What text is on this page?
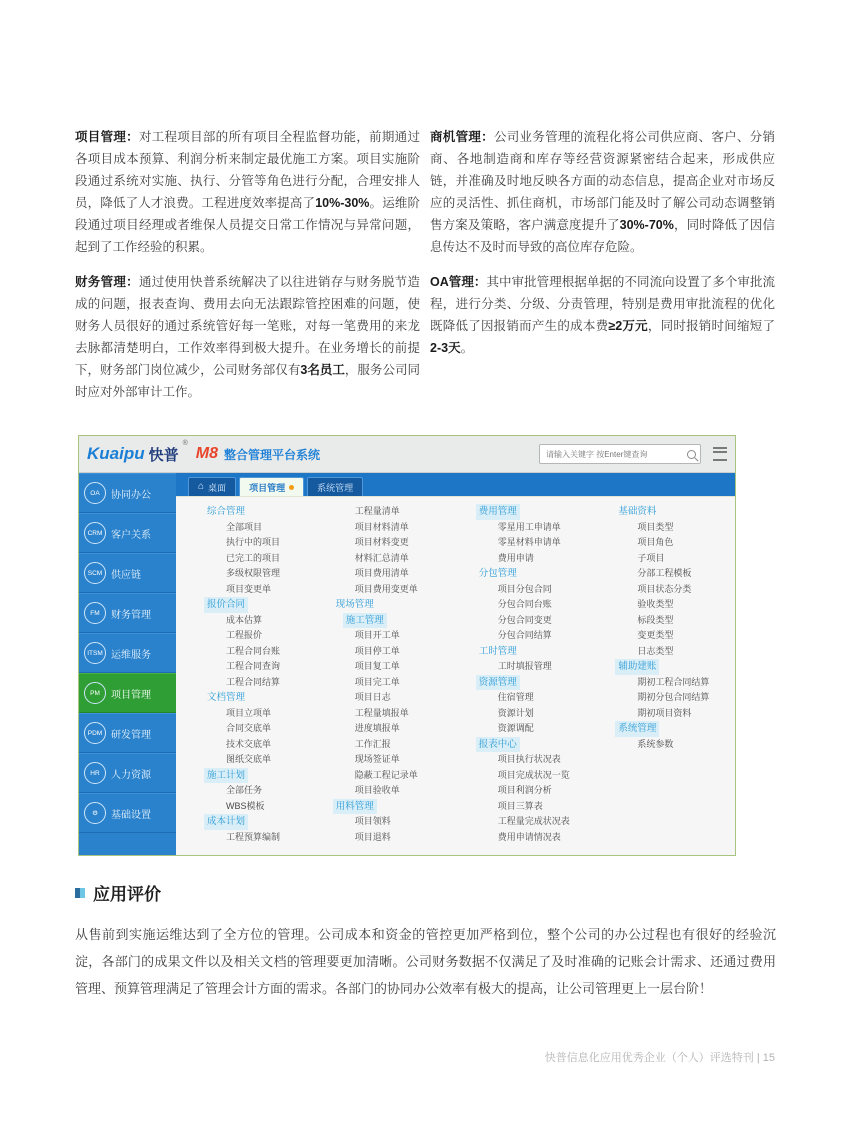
项目管理：对工程项目部的所有项目全程监督功能，前期通过各项目成本预算、利润分析来制定最优施工方案。项目实施阶段通过系统对实施、执行、分管等角色进行分配，合理安排人员，降低了人才浪费。工程进度效率提高了10%-30%。运维阶段通过项目经理或者维保人员提交日常工作情况与异常问题，起到了工作经验的积累。

财务管理：通过使用快普系统解决了以往进销存与财务脱节造成的问题，报表查询、费用去向无法跟踪管控困难的问题，使财务人员很好的通过系统管好每一笔账，对每一笔费用的来龙去脉都清楚明白，工作效率得到极大提升。在业务增长的前提下，财务部门岗位减少，公司财务部仅有3名员工，服务公司同时应对外部审计工作。

商机管理：公司业务管理的流程化将公司供应商、客户、分销商、各地制造商和库存等经营资源紧密结合起来，形成供应链，并准确及时地反映各方面的动态信息，提高企业对市场反应的灵活性、抓住商机，市场部门能及时了解公司动态调整销售方案及策略，客户满意度提升了30%-70%，同时降低了因信息传达不及时而导致的高位库存危险。

OA管理：其中审批管理根据单据的不同流向设置了多个审批流程，进行分类、分级、分责管理，特别是费用审批流程的优化既降低了因报销而产生的成本费≥2万元，同时报销时间缩短了2-3天。

Kuaipu 快普
®
M8 整合管理平台系统
请输入关键字 按Enter键查询
OA	协同办公
CRM 客户关系
SCM 供应链
FM	财务管理
ITSM 运维服务
PM	项目管理
PDM 研发管理
HR	人力资源
⚙	基础设置
⌂ 桌面	项目管理	系统管理
综合管理
全部项目
执行中的项目
已完工的项目
多级权限管理
项目变更单
报价合同
成本估算
工程报价
工程合同台账
工程合同查询
工程合同结算
文档管理
项目立项单
合同交底单
技术交底单
图纸交底单
施工计划
全部任务
WBS模板
成本计划
工程预算编制
工程量清单
项目材料清单
项目材料变更
材料汇总清单
项目费用清单
项目费用变更单
现场管理
施工管理
项目开工单
项目停工单
项目复工单
项目完工单
项目日志
工程量填报单
进度填报单
工作汇报
现场签证单
隐蔽工程记录单
项目验收单
用料管理
项目领料
项目退料
费用管理
零星用工申请单
零星材料申请单
费用申请
分包管理
项目分包合同
分包合同台账
分包合同变更
分包合同结算
工时管理
工时填报管理
资源管理
住宿管理
资源计划
资源调配
报表中心
项目执行状况表
项目完成状况一览
项目利润分析
项目三算表
工程量完成状况表
费用申请情况表
基础资料
项目类型
项目角色
子项目
分部工程模板
项目状态分类
验收类型
标段类型
变更类型
日志类型
辅助建账
期初工程合同结算
期初分包合同结算
期初项目资料
系统管理
系统参数
应用评价

从售前到实施运维达到了全方位的管理。公司成本和资金的管控更加严格到位，整个公司的办公过程也有很好的经验沉淀，各部门的成果文件以及相关文档的管理要更加清晰。公司财务数据不仅满足了及时准确的记账会计需求、还通过费用管理、预算管理满足了管理会计方面的需求。各部门的协同办公效率有极大的提高，让公司管理更上一层台阶！

快普信息化应用优秀企业（个人）评选特刊 | 15
